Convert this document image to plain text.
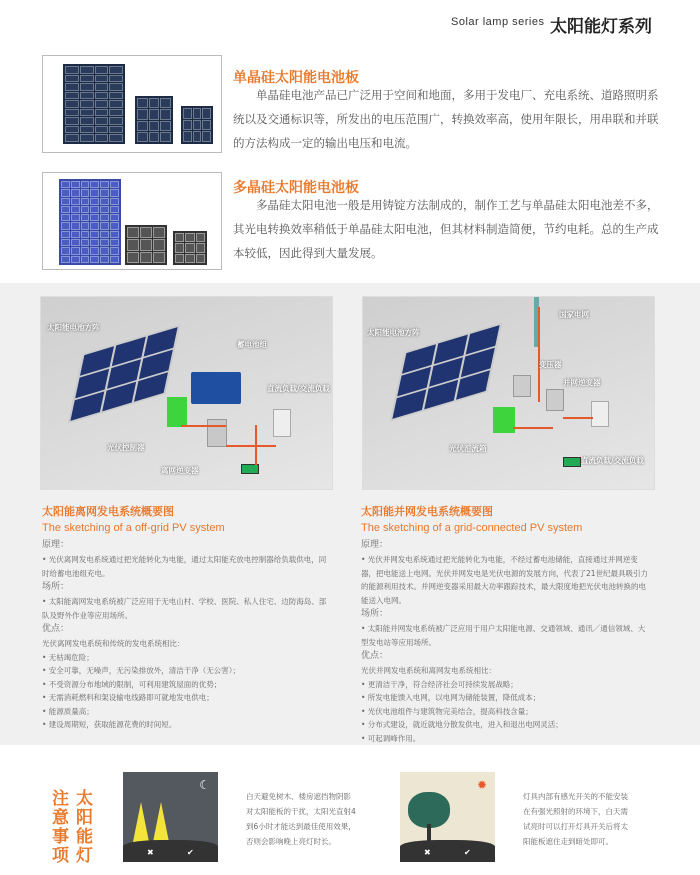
Solar lamp series 太阳能灯系列
单晶硅太阳能电池板
单晶硅电池产品已广泛用于空间和地面，多用于发电厂、充电系统、道路照明系统以及交通标识等，所发出的电压范围广，转换效率高，使用年限长，用串联和并联的方法构成一定的输出电压和电流。
多晶硅太阳能电池板
多晶硅太阳电池一般是用铸锭方法制成的，制作工艺与单晶硅太阳电池差不多，其光电转换效率稍低于单晶硅太阳电池，但其材料制造简便，节约电耗。总的生产成本较低，因此得到大量发展。
太阳能电池方阵
蓄电池组
直流负载/交流负载
光伏控制器
离网逆变器
太阳能电池方阵
国家电网
变压器
并网逆变器
光伏汇流箱
直流负载/交流负载
太阳能离网发电系统概要图
The sketching of a off-grid PV system
原理：
• 光伏离网发电系统通过把光能转化为电能，通过太阳能充放电控制器给负载供电，同时给蓄电池组充电。
场所：
• 太阳能离网发电系统被广泛应用于无电山村、学校、医院、私人住宅、边防海岛、部队及野外作业等应用场所。
优点：
光伏离网发电系统和传统的发电系统相比：
• 无枯竭危险；
• 安全可靠，无噪声，无污染排放外，清洁干净（无公害）；
• 不受资源分布地域的限制，可利用建筑屋面的优势；
• 无需消耗燃料和架设输电线路即可就地发电供电；
• 能源质量高；
• 建设周期短，获取能源花费的时间短。
太阳能并网发电系统概要图
The sketching of a grid-connected PV system
原理：
• 光伏并网发电系统通过把光能转化为电能，不经过蓄电池储能，直接通过并网逆变器，把电能送上电网。光伏并网发电是光伏电源的发展方向，代表了21世纪最具吸引力的能源利用技术。并网逆变器采用最大功率跟踪技术，最大限度地把光伏电池转换的电能送入电网。
场所：
• 太阳能并网发电系统被广泛应用于用户太阳能电源、交通领域、通讯／通信领域、大型发电站等应用场所。
优点：
光伏并网发电系统和离网发电系统相比：
• 更清洁干净，符合经济社会可持续发展战略；
• 所发电能馈入电网，以电网为储能装置，降低成本；
• 光伏电池组件与建筑物完美结合，提高科技含量；
• 分布式建设，就近就地分散发供电，进入和退出电网灵活；
• 可起调峰作用。
注意事项
太阳能灯
☾
✖	✔
白天避免树木、楼房遮挡物阴影对太阳能板的干扰，太阳光直射4到6小时才能达到最佳使用效果，否则会影响晚上亮灯时长。
✹
✖	✔
灯具内部有感光开关的不能安装在有强光照射的环境下，白天需试亮时可以打开灯具开关后将太阳能板遮住走到暗处即可。
